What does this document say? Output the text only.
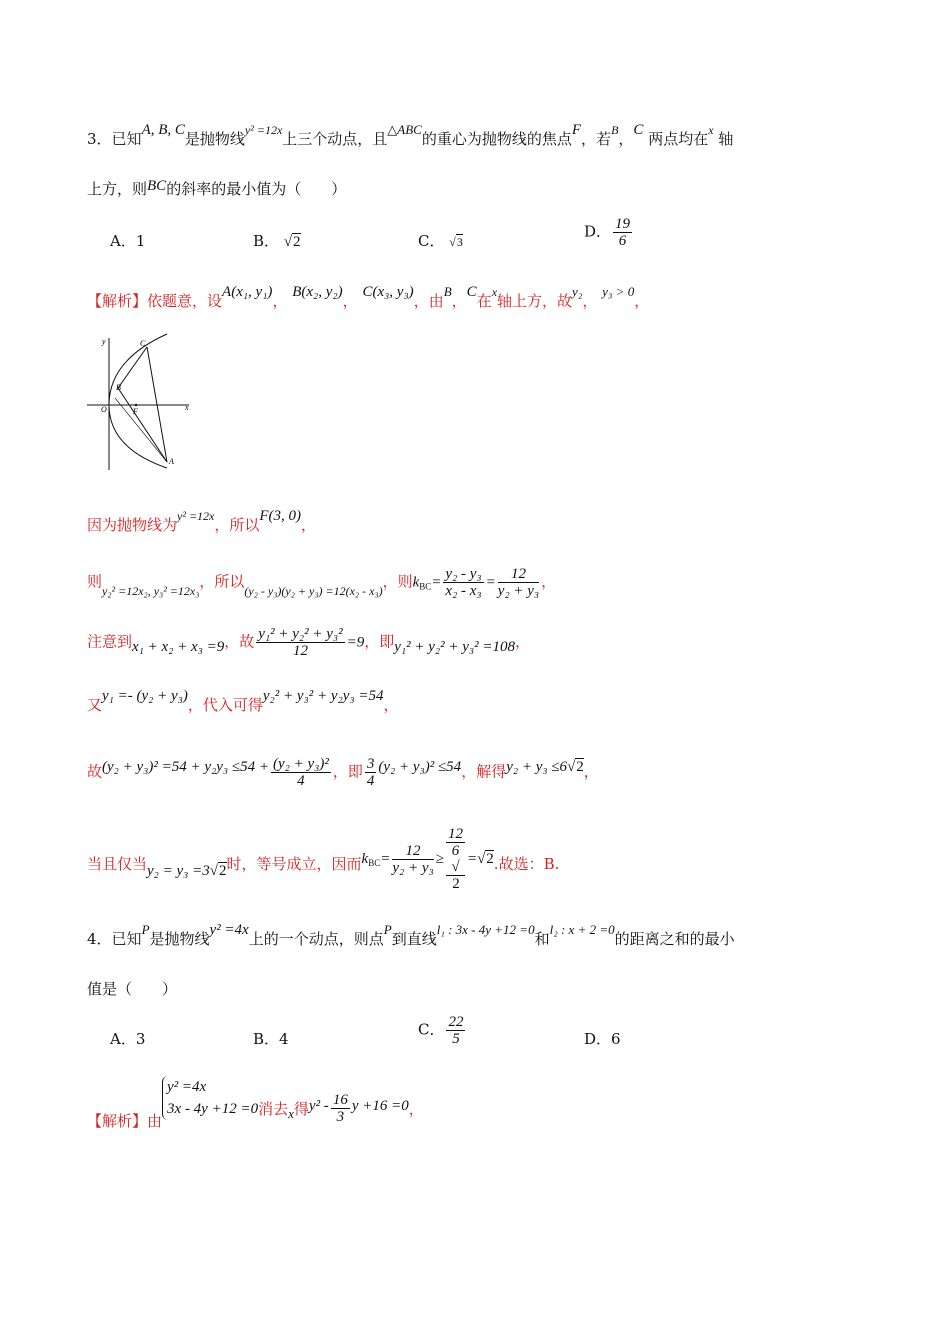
3．已知A, B, C是抛物线$^{y^2 =12x}$上三个动点，且△ABC的重心为抛物线的焦点F，若$^B$，C 两点均在$^x$ 轴
上方，则BC的斜率的最小值为（　　）
A．1	B． √2	C． √3
D． $\frac{19}{6}$
【解析】依题意，设A(x₁, y₁)， B(x₂, y₂)， C(x₃, y₃)，由B，C在$^x$轴上方，故y₂， y₃ > 0，
y
x
O	F
A
B
C
因为抛物线为$^{y^2 =12x}$，所以F(3, 0)，
则$_{y_2^2 =12x_2, y_3^2 =12x_3}$，所以$_{(y_2 - y_3)(y_2 + y_3) =12(x_2 - x_3)}$，则$k_{BC}= \frac{\text{y₂ - y₃}}{\text{x₂ - x₃}} = \frac{12}{\text{y₂ + y₃}}$ ，
注意到x₁ + x₂ + x₃ =9，故 $\frac{\text{y₁² + y₂² + y₃²}}{12} =9$，即y₁² + y₂² + y₃² =108，
又y₁ =- (y₂ + y₃)，代入可得y₂² + y₃² + y₂y₃ =54，
故$(y_2 + y_3)^2 =54 + y_2y_3 \le 54 + \frac{\text{(y₂ + y₃)²}}{4}$ ，即 $\frac{3}{4} (y_2 + y_3)^2 \le 54$，解得y₂ + y₃ ≤6√2，
当且仅当y₂ = y₃ =3√2时，等号成立，因而$k^{BC}= \frac{12}{\text{y₂ + y₃}} \ge 12$
6
√
2 =√2.故选：B.
4．已知P是抛物线y² =4x上的一个动点，则点P到直线l₁ : 3x - 4y +12 =0和l₂ : x + 2 =0的距离之和的最小
值是（　　）
A．3	B．4
C． $\frac{22}{5}$	D．6
【解析】由
y² =4x
3x - 4y +12 =0 消去x得$y^2 - \frac{16}{3}$ y +16 =0，
